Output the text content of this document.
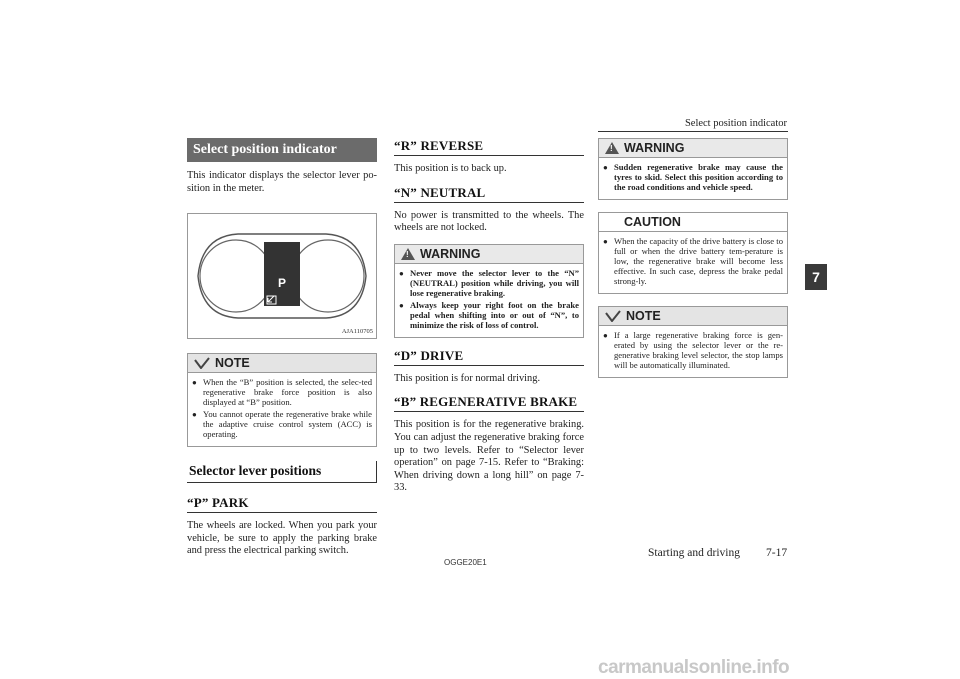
Select position indicator
7
Select position indicator

This indicator displays the selector lever po-sition in the meter.

P
AJA110705
NOTE
● When the “B” position is selected, the selec-ted regenerative brake force position is also displayed at “B” position.
● You cannot operate the regenerative brake while the adaptive cruise control system (ACC) is operating.
Selector lever positions
“P” PARK

The wheels are locked. When you park your vehicle, be sure to apply the parking brake and press the electrical parking switch.

“R” REVERSE

This position is to back up.

“N” NEUTRAL

No power is transmitted to the wheels. The wheels are not locked.

!
WARNING
● Never move the selector lever to the “N” (NEUTRAL) position while driving, you will lose regenerative braking.
● Always keep your right foot on the brake pedal when shifting into or out of “N”, to minimize the risk of loss of control.
“D” DRIVE

This position is for normal driving.

“B” REGENERATIVE BRAKE

This position is for the regenerative braking. You can adjust the regenerative braking force up to two levels. Refer to “Selector lever operation” on page 7-15. Refer to “Braking: When driving down a long hill” on page 7-33.

!
WARNING
● Sudden regenerative brake may cause the tyres to skid. Select this position according to the road conditions and vehicle speed.
!
CAUTION
● When the capacity of the drive battery is close to full or when the drive battery tem-perature is low, the regenerative brake will become less effective. In such case, depress the brake pedal strong-ly.
NOTE
● If a large regenerative braking force is gen-erated by using the selector lever or the re-generative braking level selector, the stop lamps will be automatically illuminated.
OGGE20E1
Starting and driving 7-17
carmanualsonline.info
